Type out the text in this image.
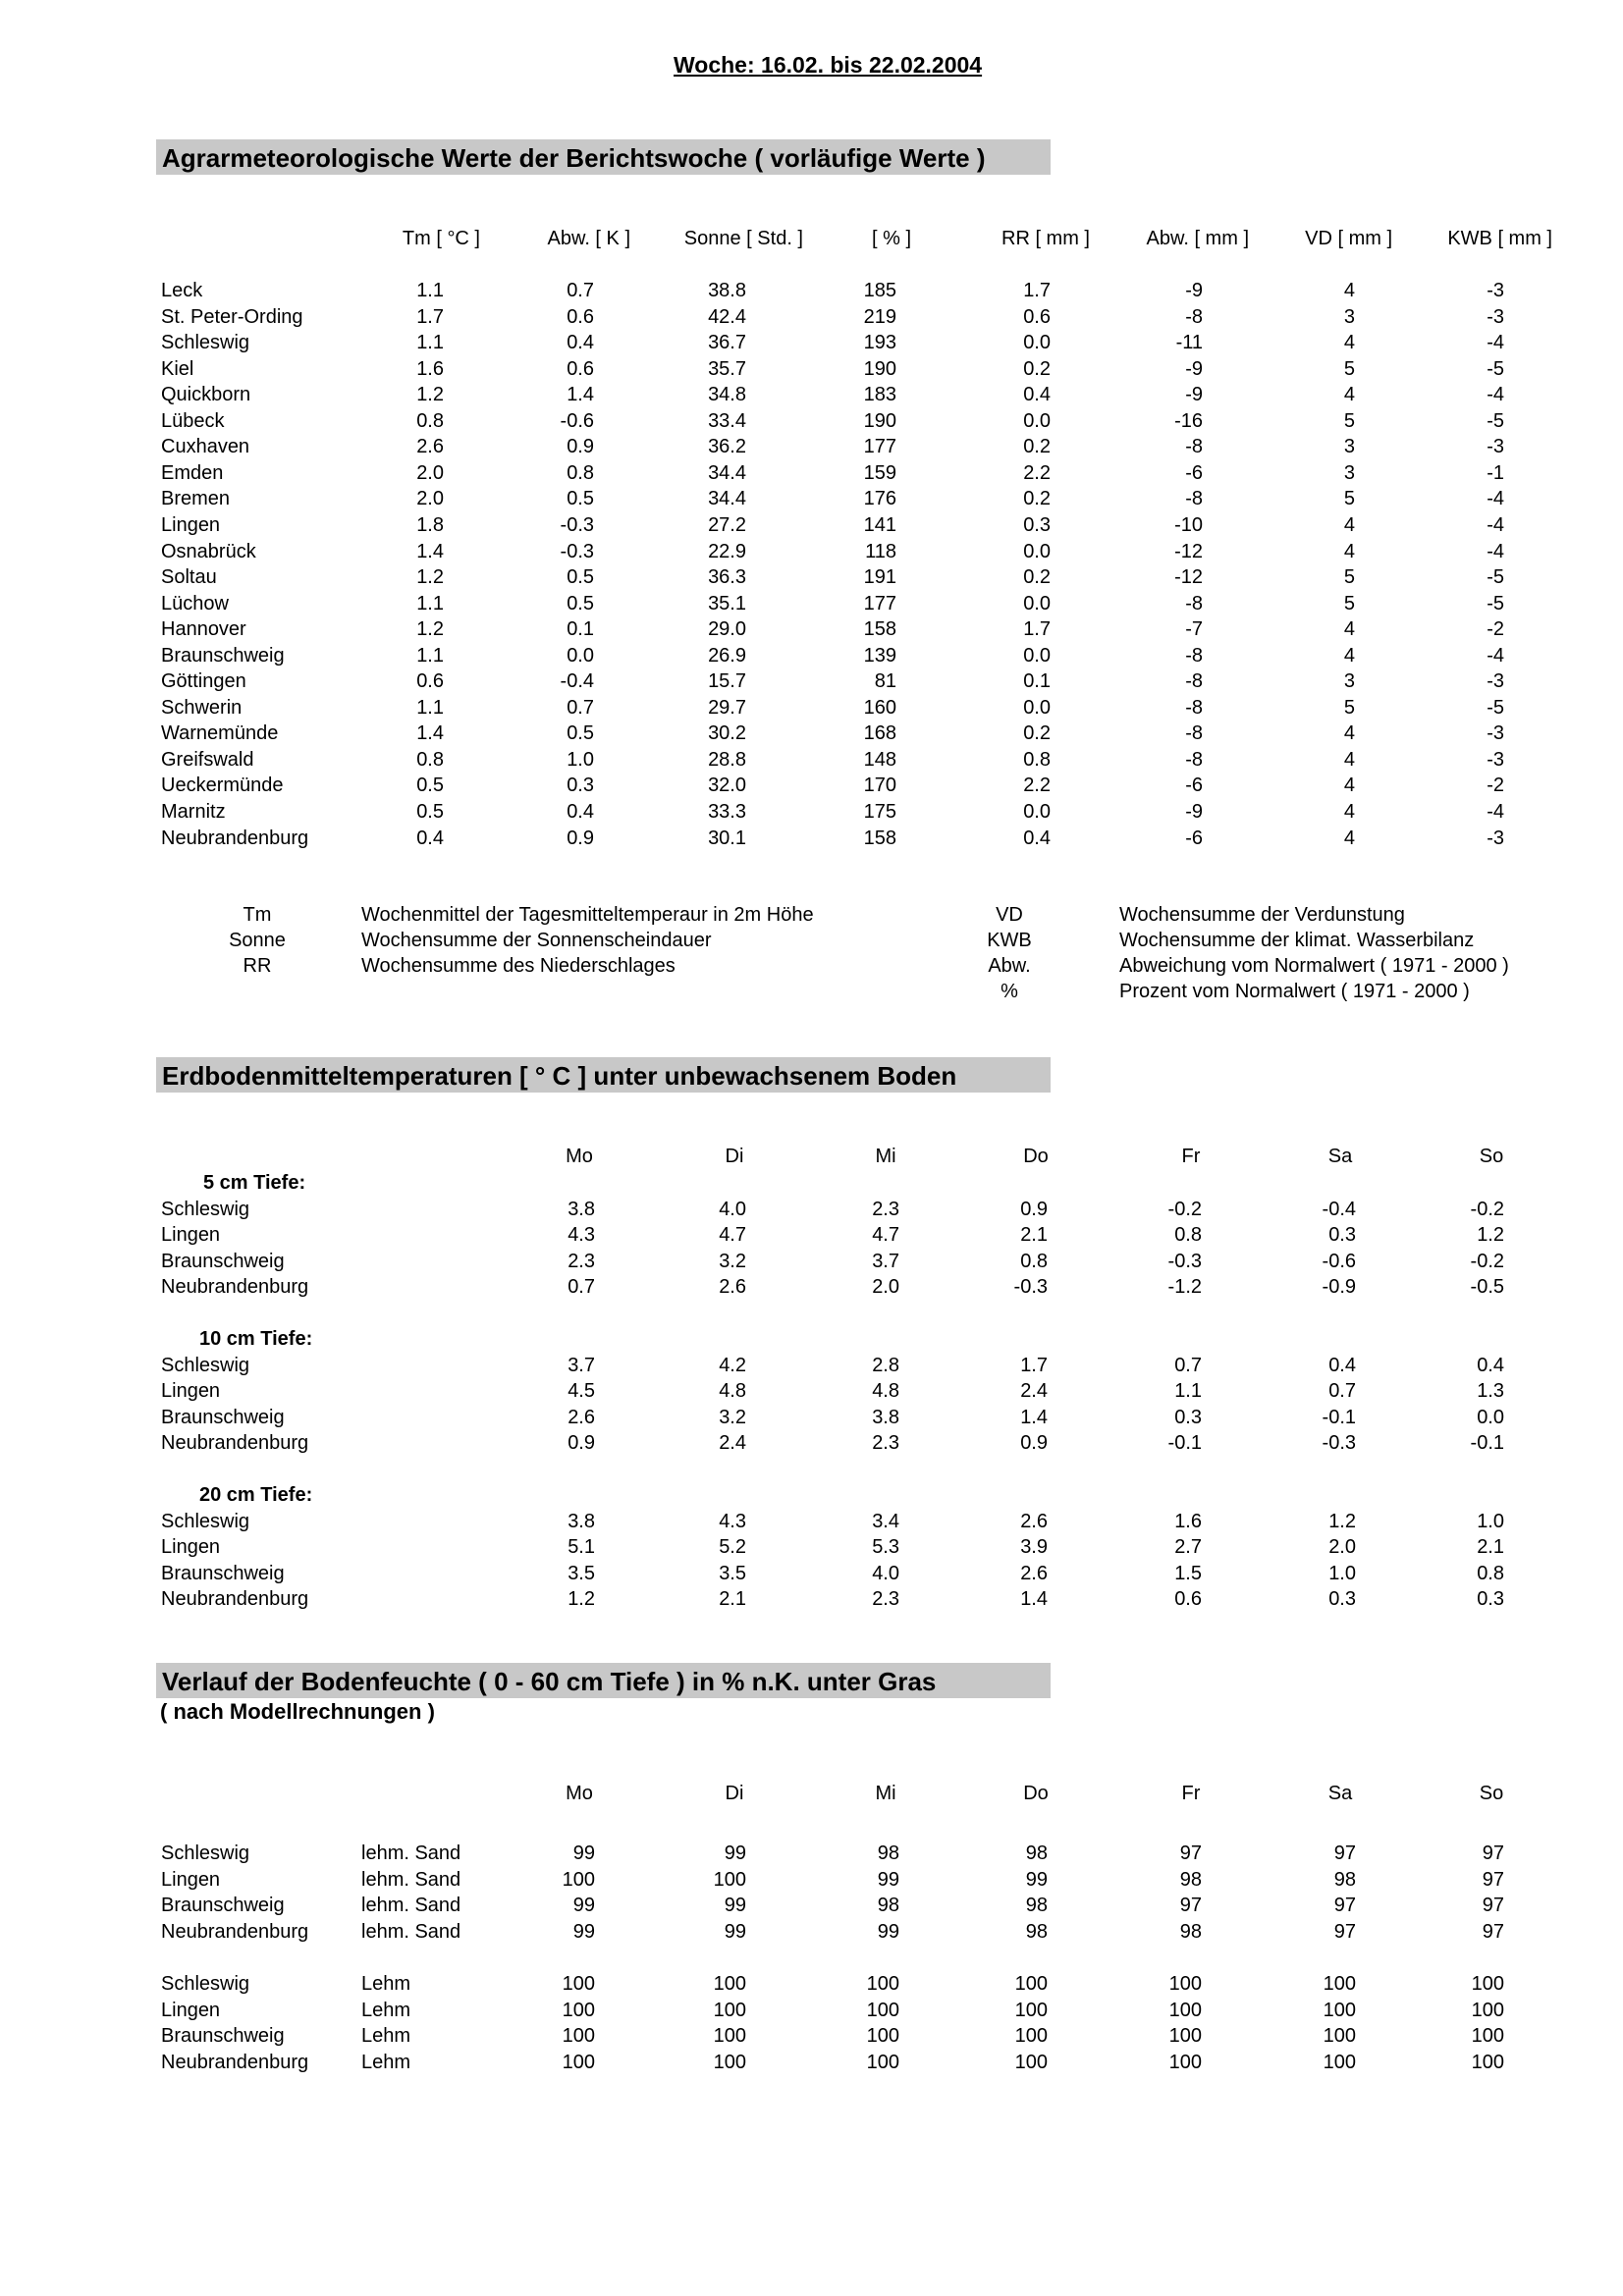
Woche: 16.02. bis 22.02.2004
Agrarmeteorologische Werte der Berichtswoche ( vorläufige Werte )
Tm [ °C ]	Abw. [ K ]	Sonne [ Std. ]	[ % ]	RR [ mm ]	Abw. [ mm ]	VD [ mm ]	KWB [ mm ]
Leck	1.1	0.7	38.8	185	1.7	-9	4	-3
St. Peter-Ording	1.7	0.6	42.4	219	0.6	-8	3	-3
Schleswig	1.1	0.4	36.7	193	0.0	-11	4	-4
Kiel	1.6	0.6	35.7	190	0.2	-9	5	-5
Quickborn	1.2	1.4	34.8	183	0.4	-9	4	-4
Lübeck	0.8	-0.6	33.4	190	0.0	-16	5	-5
Cuxhaven	2.6	0.9	36.2	177	0.2	-8	3	-3
Emden	2.0	0.8	34.4	159	2.2	-6	3	-1
Bremen	2.0	0.5	34.4	176	0.2	-8	5	-4
Lingen	1.8	-0.3	27.2	141	0.3	-10	4	-4
Osnabrück	1.4	-0.3	22.9	118	0.0	-12	4	-4
Soltau	1.2	0.5	36.3	191	0.2	-12	5	-5
Lüchow	1.1	0.5	35.1	177	0.0	-8	5	-5
Hannover	1.2	0.1	29.0	158	1.7	-7	4	-2
Braunschweig	1.1	0.0	26.9	139	0.0	-8	4	-4
Göttingen	0.6	-0.4	15.7	81	0.1	-8	3	-3
Schwerin	1.1	0.7	29.7	160	0.0	-8	5	-5
Warnemünde	1.4	0.5	30.2	168	0.2	-8	4	-3
Greifswald	0.8	1.0	28.8	148	0.8	-8	4	-3
Ueckermünde	0.5	0.3	32.0	170	2.2	-6	4	-2
Marnitz	0.5	0.4	33.3	175	0.0	-9	4	-4
Neubrandenburg	0.4	0.9	30.1	158	0.4	-6	4	-3
Tm	Wochenmittel der Tagesmitteltemperaur in 2m Höhe
Sonne	Wochensumme der Sonnenscheindauer
RR	Wochensumme des Niederschlages
VD	Wochensumme der Verdunstung
KWB	Wochensumme der klimat. Wasserbilanz
Abw.	Abweichung vom Normalwert ( 1971 - 2000 )
%	Prozent vom Normalwert ( 1971 - 2000 )
Erdbodenmitteltemperaturen [ ° C ] unter unbewachsenem Boden
Mo	Di	Mi	Do	Fr	Sa	So
5 cm Tiefe:
Schleswig	3.8	4.0	2.3	0.9	-0.2	-0.4	-0.2
Lingen	4.3	4.7	4.7	2.1	0.8	0.3	1.2
Braunschweig	2.3	3.2	3.7	0.8	-0.3	-0.6	-0.2
Neubrandenburg	0.7	2.6	2.0	-0.3	-1.2	-0.9	-0.5
10 cm Tiefe:
Schleswig	3.7	4.2	2.8	1.7	0.7	0.4	0.4
Lingen	4.5	4.8	4.8	2.4	1.1	0.7	1.3
Braunschweig	2.6	3.2	3.8	1.4	0.3	-0.1	0.0
Neubrandenburg	0.9	2.4	2.3	0.9	-0.1	-0.3	-0.1
20 cm Tiefe:
Schleswig	3.8	4.3	3.4	2.6	1.6	1.2	1.0
Lingen	5.1	5.2	5.3	3.9	2.7	2.0	2.1
Braunschweig	3.5	3.5	4.0	2.6	1.5	1.0	0.8
Neubrandenburg	1.2	2.1	2.3	1.4	0.6	0.3	0.3
Verlauf der Bodenfeuchte ( 0 - 60 cm Tiefe ) in % n.K. unter Gras
( nach Modellrechnungen )
Mo	Di	Mi	Do	Fr	Sa	So
Schleswig	lehm. Sand	99	99	98	98	97	97	97
Lingen	lehm. Sand	100	100	99	99	98	98	97
Braunschweig	lehm. Sand	99	99	98	98	97	97	97
Neubrandenburg	lehm. Sand	99	99	99	98	98	97	97
Schleswig	Lehm	100	100	100	100	100	100	100
Lingen	Lehm	100	100	100	100	100	100	100
Braunschweig	Lehm	100	100	100	100	100	100	100
Neubrandenburg	Lehm	100	100	100	100	100	100	100
